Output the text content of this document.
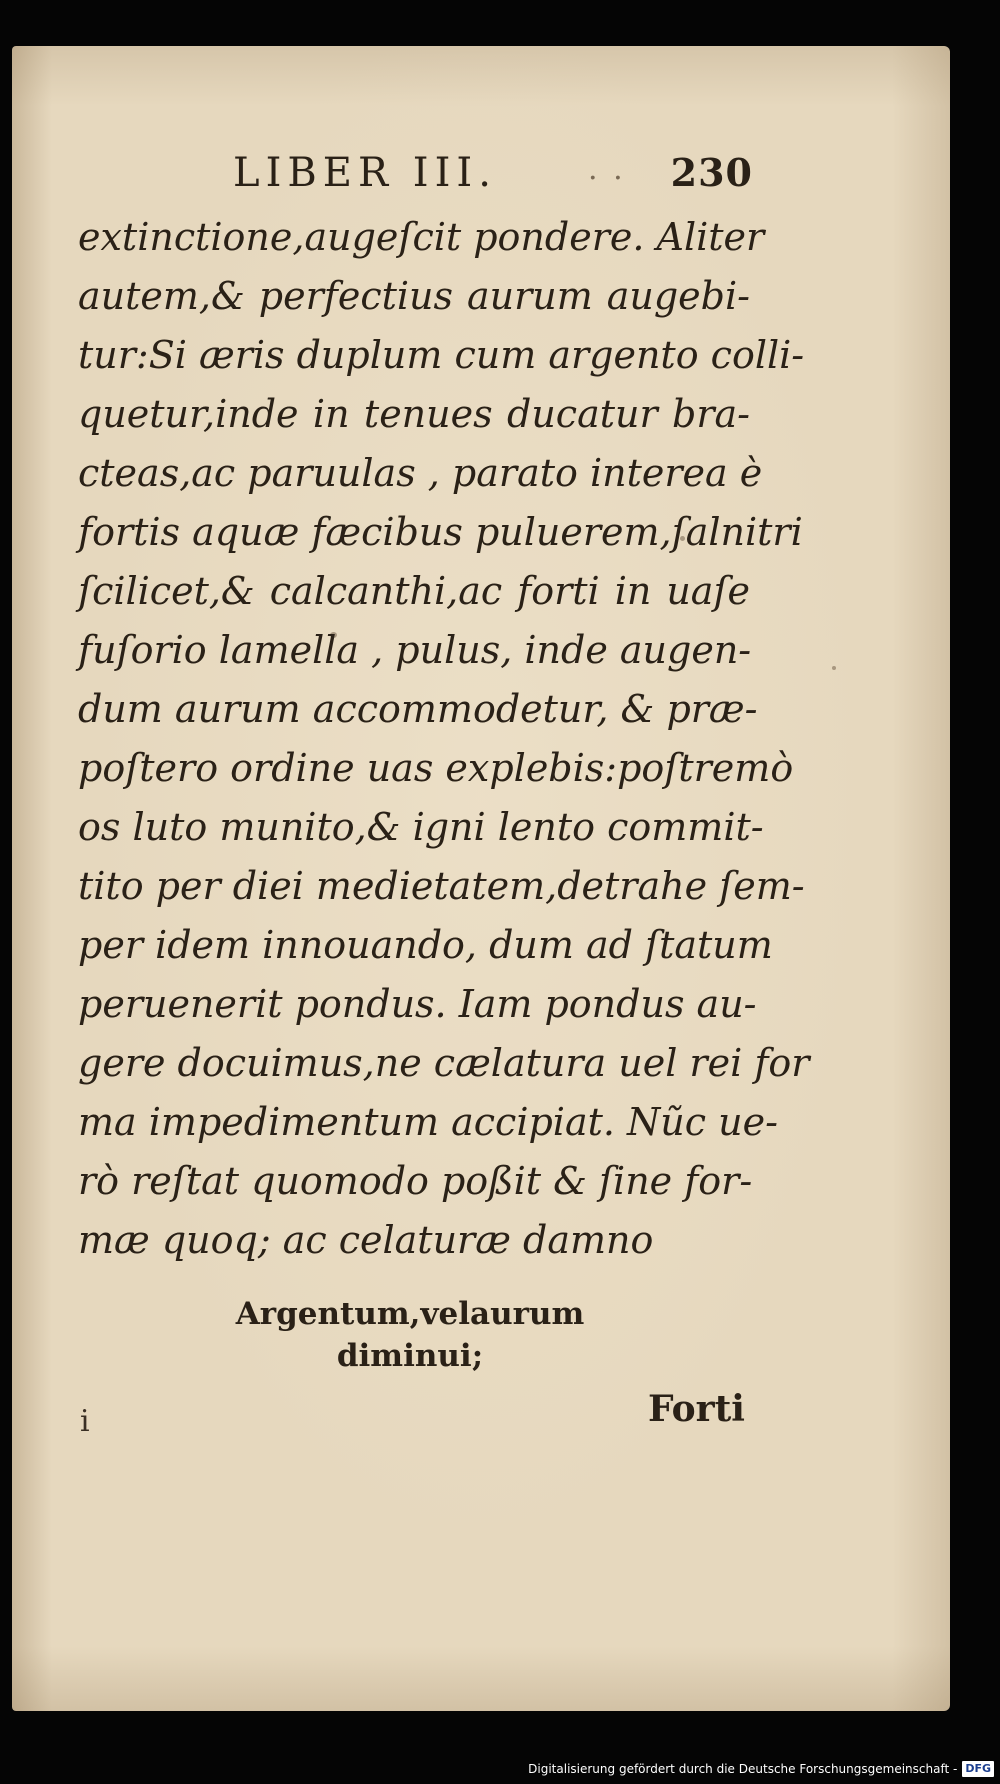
LIBER III.	. . 230
extinctione,augeſcit pondere. Aliter
autem,& perfectius aurum augebi-
tur:Si æris duplum cum argento colli-
quetur,inde in tenues ducatur bra-
cteas,ac paruulas , parato interea è
fortis aquæ fæcibus puluerem,ſalnitri
ſcilicet,& calcanthi,ac forti in uaſe
fuſorio lamella , pulus, inde augen-
dum aurum accommodetur, & præ-
poſtero ordine uas explebis:poſtremò
os luto munito,& igni lento commit-
tito per diei medietatem,detrahe ſem-
per idem innouando, dum ad ſtatum
peruenerit pondus. Iam pondus au-
gere docuimus,ne cælatura uel rei for
ma impedimentum accipiat. Nũc ue-
rò reſtat quomodo poßit & ſine for-
mæ quoq; ac celaturæ damno
Argentum,velaurum
diminui;
i	Forti
Digitalisierung gefördert durch die Deutsche Forschungsgemeinschaft - DFG
